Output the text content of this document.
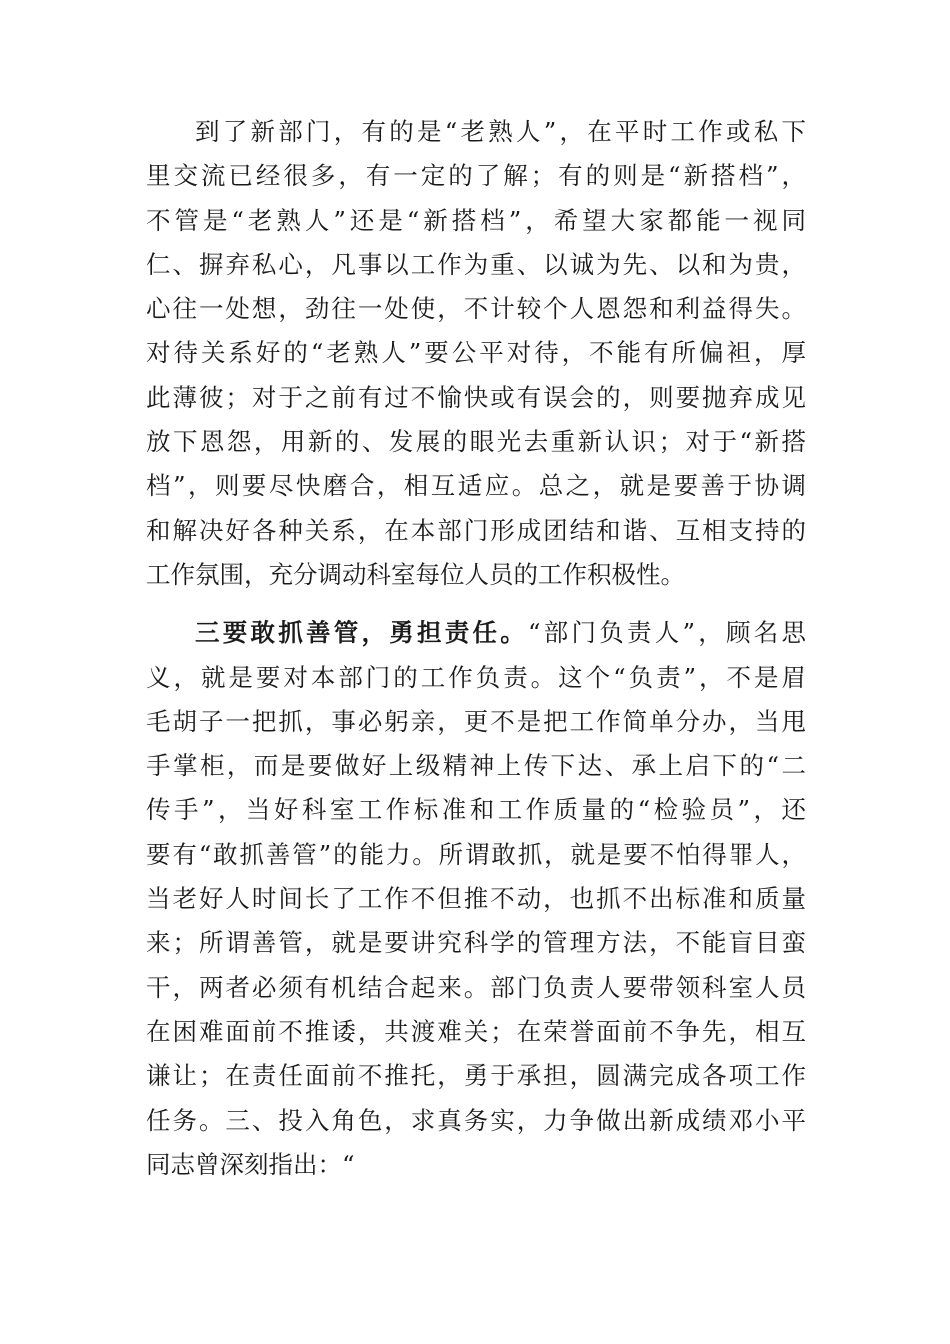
到了新部门，有的是“老熟人”，在平时工作或私下
里交流已经很多，有一定的了解；有的则是“新搭档”，
不管是“老熟人”还是“新搭档”，希望大家都能一视同
仁、摒弃私心，凡事以工作为重、以诚为先、以和为贵，
心往一处想，劲往一处使，不计较个人恩怨和利益得失。
对待关系好的“老熟人”要公平对待，不能有所偏袒，厚
此薄彼；对于之前有过不愉快或有误会的，则要抛弃成见
放下恩怨，用新的、发展的眼光去重新认识；对于“新搭
档”，则要尽快磨合，相互适应。总之，就是要善于协调
和解决好各种关系，在本部门形成团结和谐、互相支持的
工作氛围，充分调动科室每位人员的工作积极性。
三要敢抓善管，勇担责任。“部门负责人”，顾名思
义，就是要对本部门的工作负责。这个“负责”，不是眉
毛胡子一把抓，事必躬亲，更不是把工作简单分办，当甩
手掌柜，而是要做好上级精神上传下达、承上启下的“二
传手”，当好科室工作标准和工作质量的“检验员”，还
要有“敢抓善管”的能力。所谓敢抓，就是要不怕得罪人，
当老好人时间长了工作不但推不动，也抓不出标准和质量
来；所谓善管，就是要讲究科学的管理方法，不能盲目蛮
干，两者必须有机结合起来。部门负责人要带领科室人员
在困难面前不推诿，共渡难关；在荣誉面前不争先，相互
谦让；在责任面前不推托，勇于承担，圆满完成各项工作
任务。三、投入角色，求真务实，力争做出新成绩邓小平
同志曾深刻指出：“
